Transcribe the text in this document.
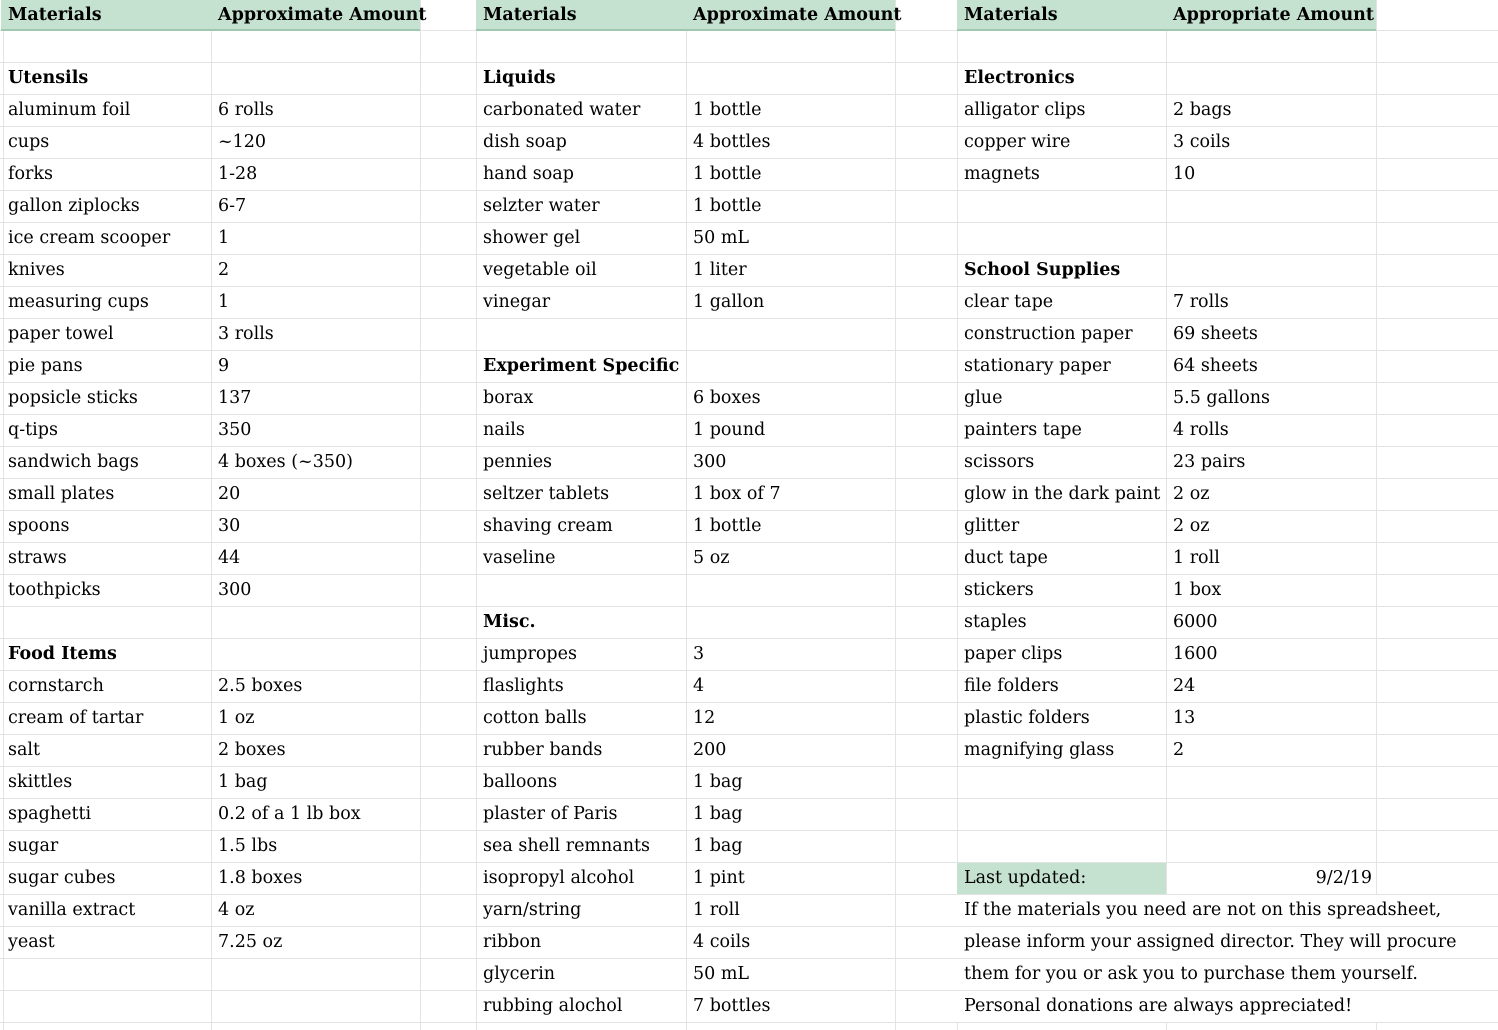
Materials	Approximate Amount
Utensils
aluminum foil	6 rolls
cups	~120
forks	1-28
gallon ziplocks	6-7
ice cream scooper	1
knives	2
measuring cups	1
paper towel	3 rolls
pie pans	9
popsicle sticks	137
q-tips	350
sandwich bags	4 boxes (~350)
small plates	20
spoons	30
straws	44
toothpicks	300
Food Items
cornstarch	2.5 boxes
cream of tartar	1 oz
salt	2 boxes
skittles	1 bag
spaghetti	0.2 of a 1 lb box
sugar	1.5 lbs
sugar cubes	1.8 boxes
vanilla extract	4 oz
yeast	7.25 oz
Materials	Approximate Amount
Liquids
carbonated water	1 bottle
dish soap	4 bottles
hand soap	1 bottle
selzter water	1 bottle
shower gel	50 mL
vegetable oil	1 liter
vinegar	1 gallon
Experiment Specific
borax	6 boxes
nails	1 pound
pennies	300
seltzer tablets	1 box of 7
shaving cream	1 bottle
vaseline	5 oz
Misc.
jumpropes	3
flaslights	4
cotton balls	12
rubber bands	200
balloons	1 bag
plaster of Paris	1 bag
sea shell remnants	1 bag
isopropyl alcohol	1 pint
yarn/string	1 roll
ribbon	4 coils
glycerin	50 mL
rubbing alochol	7 bottles
Materials	Appropriate Amount
Electronics
alligator clips	2 bags
copper wire	3 coils
magnets	10
School Supplies
clear tape	7 rolls
construction paper	69 sheets
stationary paper	64 sheets
glue	5.5 gallons
painters tape	4 rolls
scissors	23 pairs
glow in the dark paint 2 oz
glitter	2 oz
duct tape	1 roll
stickers	1 box
staples	6000
paper clips	1600
file folders	24
plastic folders	13
magnifying glass	2
Last updated:	9/2/19
If the materials you need are not on this spreadsheet,
please inform your assigned director. They will procure
them for you or ask you to purchase them yourself.
Personal donations are always appreciated!
